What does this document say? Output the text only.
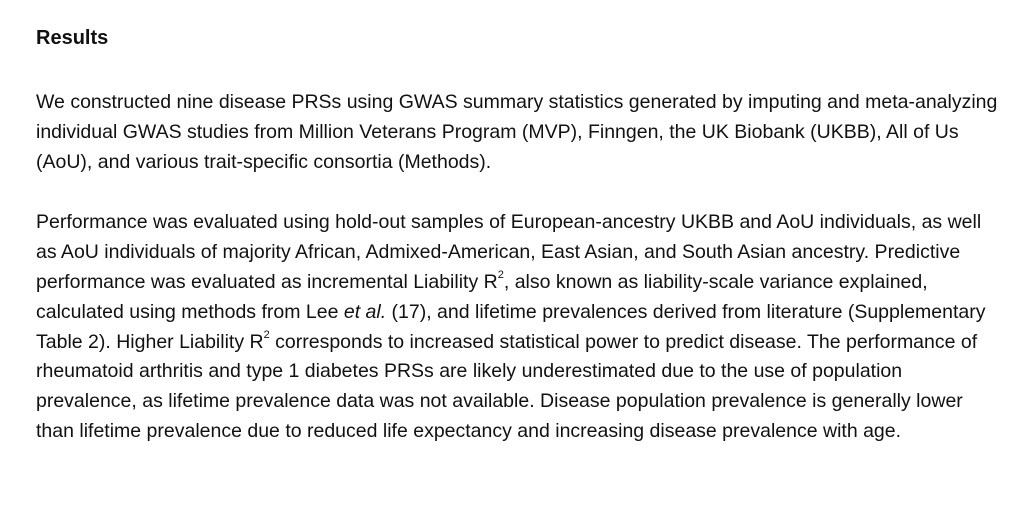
Results

We constructed nine disease PRSs using GWAS summary statistics generated by imputing and meta-analyzing individual GWAS studies from Million Veterans Program (MVP), Finngen, the UK Biobank (UKBB), All of Us (AoU), and various trait-specific consortia (Methods).

Performance was evaluated using hold-out samples of European-ancestry UKBB and AoU individuals, as well as AoU individuals of majority African, Admixed-American, East Asian, and South Asian ancestry. Predictive performance was evaluated as incremental Liability $R^2$, also known as liability-scale variance explained, calculated using methods from Lee et al. (17), and lifetime prevalences derived from literature (Supplementary Table 2). Higher Liability $R^2$ corresponds to increased statistical power to predict disease. The performance of rheumatoid arthritis and type 1 diabetes PRSs are likely underestimated due to the use of population prevalence, as lifetime prevalence data was not available. Disease population prevalence is generally lower than lifetime prevalence due to reduced life expectancy and increasing disease prevalence with age.
